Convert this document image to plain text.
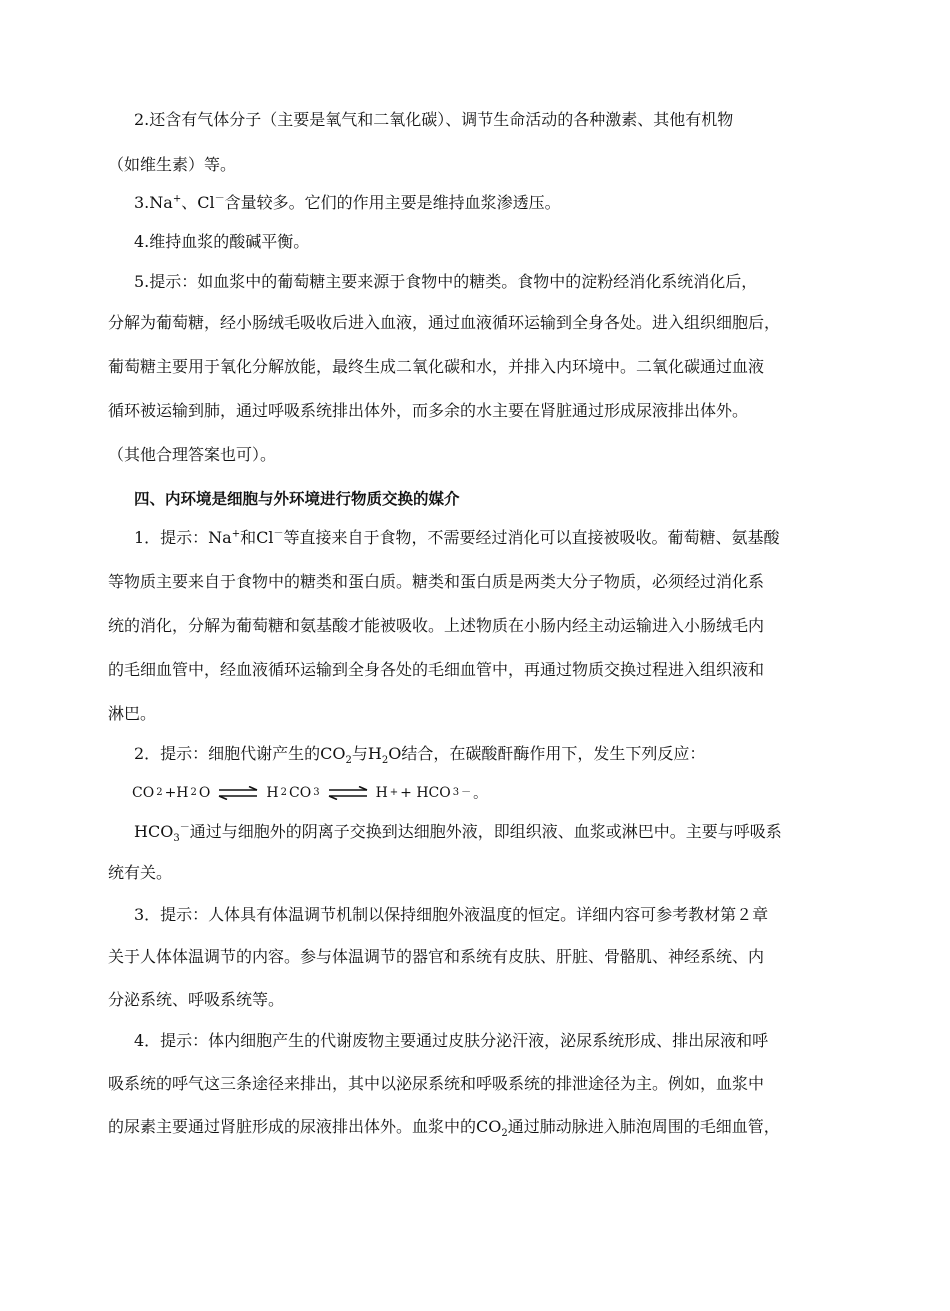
2.还含有气体分子（主要是氧气和二氧化碳）、调节生命活动的各种激素、其他有机物
（如维生素）等。
3.Na+、Cl－含量较多。它们的作用主要是维持血浆渗透压。
4.维持血浆的酸碱平衡。
5.提示：如血浆中的葡萄糖主要来源于食物中的糖类。食物中的淀粉经消化系统消化后，
分解为葡萄糖，经小肠绒毛吸收后进入血液，通过血液循环运输到全身各处。进入组织细胞后，
葡萄糖主要用于氧化分解放能，最终生成二氧化碳和水，并排入内环境中。二氧化碳通过血液
循环被运输到肺，通过呼吸系统排出体外，而多余的水主要在肾脏通过形成尿液排出体外。
（其他合理答案也可）。
四、内环境是细胞与外环境进行物质交换的媒介
1．提示：Na+和Cl－等直接来自于食物，不需要经过消化可以直接被吸收。葡萄糖、氨基酸
等物质主要来自于食物中的糖类和蛋白质。糖类和蛋白质是两类大分子物质，必须经过消化系
统的消化，分解为葡萄糖和氨基酸才能被吸收。上述物质在小肠内经主动运输进入小肠绒毛内
的毛细血管中，经血液循环运输到全身各处的毛细血管中，再通过物质交换过程进入组织液和
淋巴。
2．提示：细胞代谢产生的$CO_2$与$H_2O$结合，在碳酸酐酶作用下，发生下列反应：
CO 2 +H 2 O ⇌ H 2 CO 3 ⇌ H + + HCO 3 － 。
$HCO_3^-$通过与细胞外的阴离子交换到达细胞外液，即组织液、血浆或淋巴中。主要与呼吸系
统有关。
3．提示：人体具有体温调节机制以保持细胞外液温度的恒定。详细内容可参考教材第２章
关于人体体温调节的内容。参与体温调节的器官和系统有皮肤、肝脏、骨骼肌、神经系统、内
分泌系统、呼吸系统等。
4．提示：体内细胞产生的代谢废物主要通过皮肤分泌汗液，泌尿系统形成、排出尿液和呼
吸系统的呼气这三条途径来排出，其中以泌尿系统和呼吸系统的排泄途径为主。例如，血浆中
的尿素主要通过肾脏形成的尿液排出体外。血浆中的$CO_2$通过肺动脉进入肺泡周围的毛细血管，
